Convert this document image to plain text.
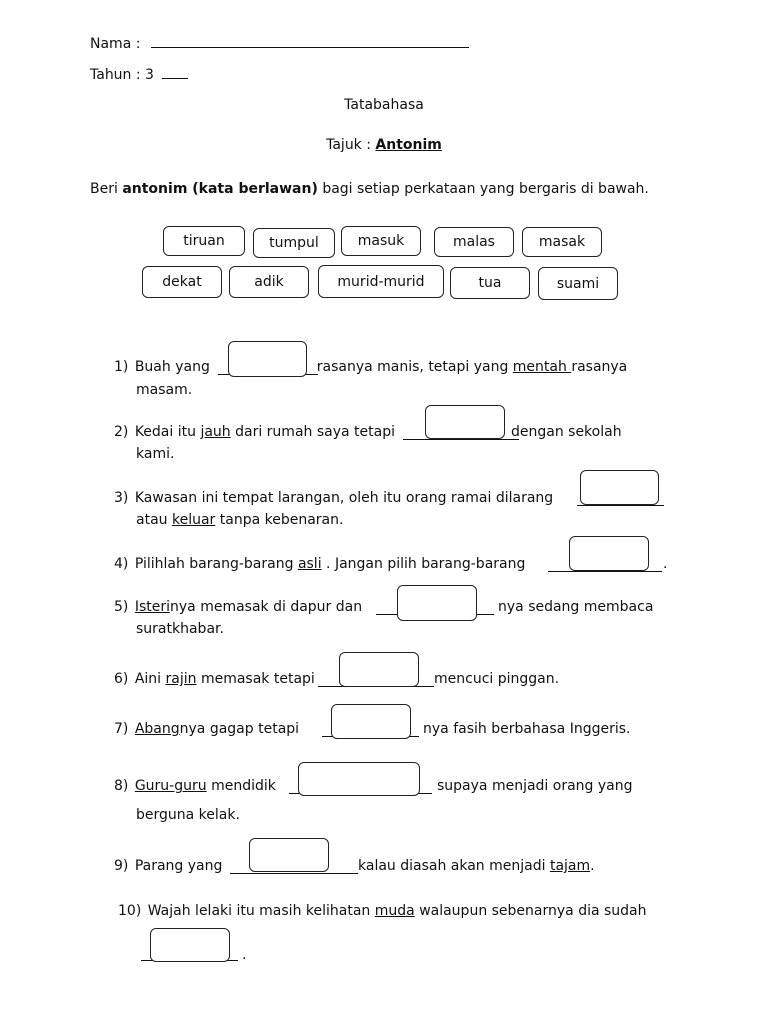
Nama :
Tahun : 3
Tatabahasa
Tajuk : Antonim
Beri antonim (kata berlawan) bagi setiap perkataan yang bergaris di bawah.
tiruan	tumpul	masuk	malas	masak
dekat	adik	murid-murid	tua	suami
1) Buah yang	rasanya manis, tetapi yang mentah rasanya
masam.
2) Kedai itu jauh dari rumah saya tetapi	dengan sekolah
kami.
3) Kawasan ini tempat larangan, oleh itu orang ramai dilarang
atau keluar tanpa kebenaran.
4) Pilihlah barang-barang asli . Jangan pilih barang-barang	.
5) Isterinya memasak di dapur dan	nya sedang membaca
suratkhabar.
6) Aini rajin memasak tetapi	mencuci pinggan.
7) Abangnya gagap tetapi	nya fasih berbahasa Inggeris.
8) Guru-guru mendidik	supaya menjadi orang yang
berguna kelak.
9) Parang yang	kalau diasah akan menjadi tajam.
10) Wajah lelaki itu masih kelihatan muda walaupun sebenarnya dia sudah
.
